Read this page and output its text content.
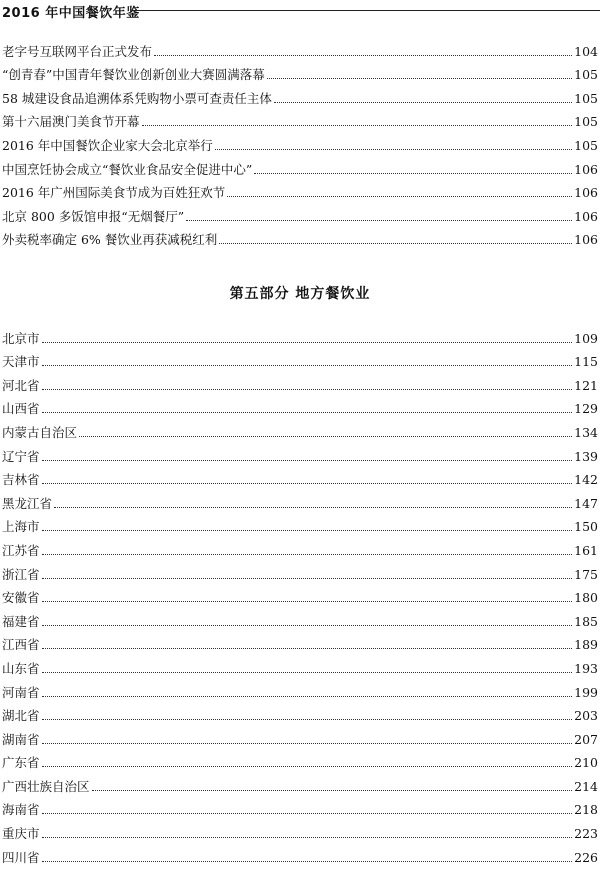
2016 年中国餐饮年鉴
老字号互联网平台正式发布	104
“创青春”中国青年餐饮业创新创业大赛圆满落幕	105
58 城建设食品追溯体系凭购物小票可查责任主体	105
第十六届澳门美食节开幕	105
2016 年中国餐饮企业家大会北京举行	105
中国烹饪协会成立“餐饮业食品安全促进中心”	106
2016 年广州国际美食节成为百姓狂欢节	106
北京 800 多饭馆申报“无烟餐厅”	106
外卖税率确定 6% 餐饮业再获减税红利	106
第五部分 地方餐饮业
北京市	109
天津市	115
河北省	121
山西省	129
内蒙古自治区	134
辽宁省	139
吉林省	142
黑龙江省	147
上海市	150
江苏省	161
浙江省	175
安徽省	180
福建省	185
江西省	189
山东省	193
河南省	199
湖北省	203
湖南省	207
广东省	210
广西壮族自治区	214
海南省	218
重庆市	223
四川省	226
